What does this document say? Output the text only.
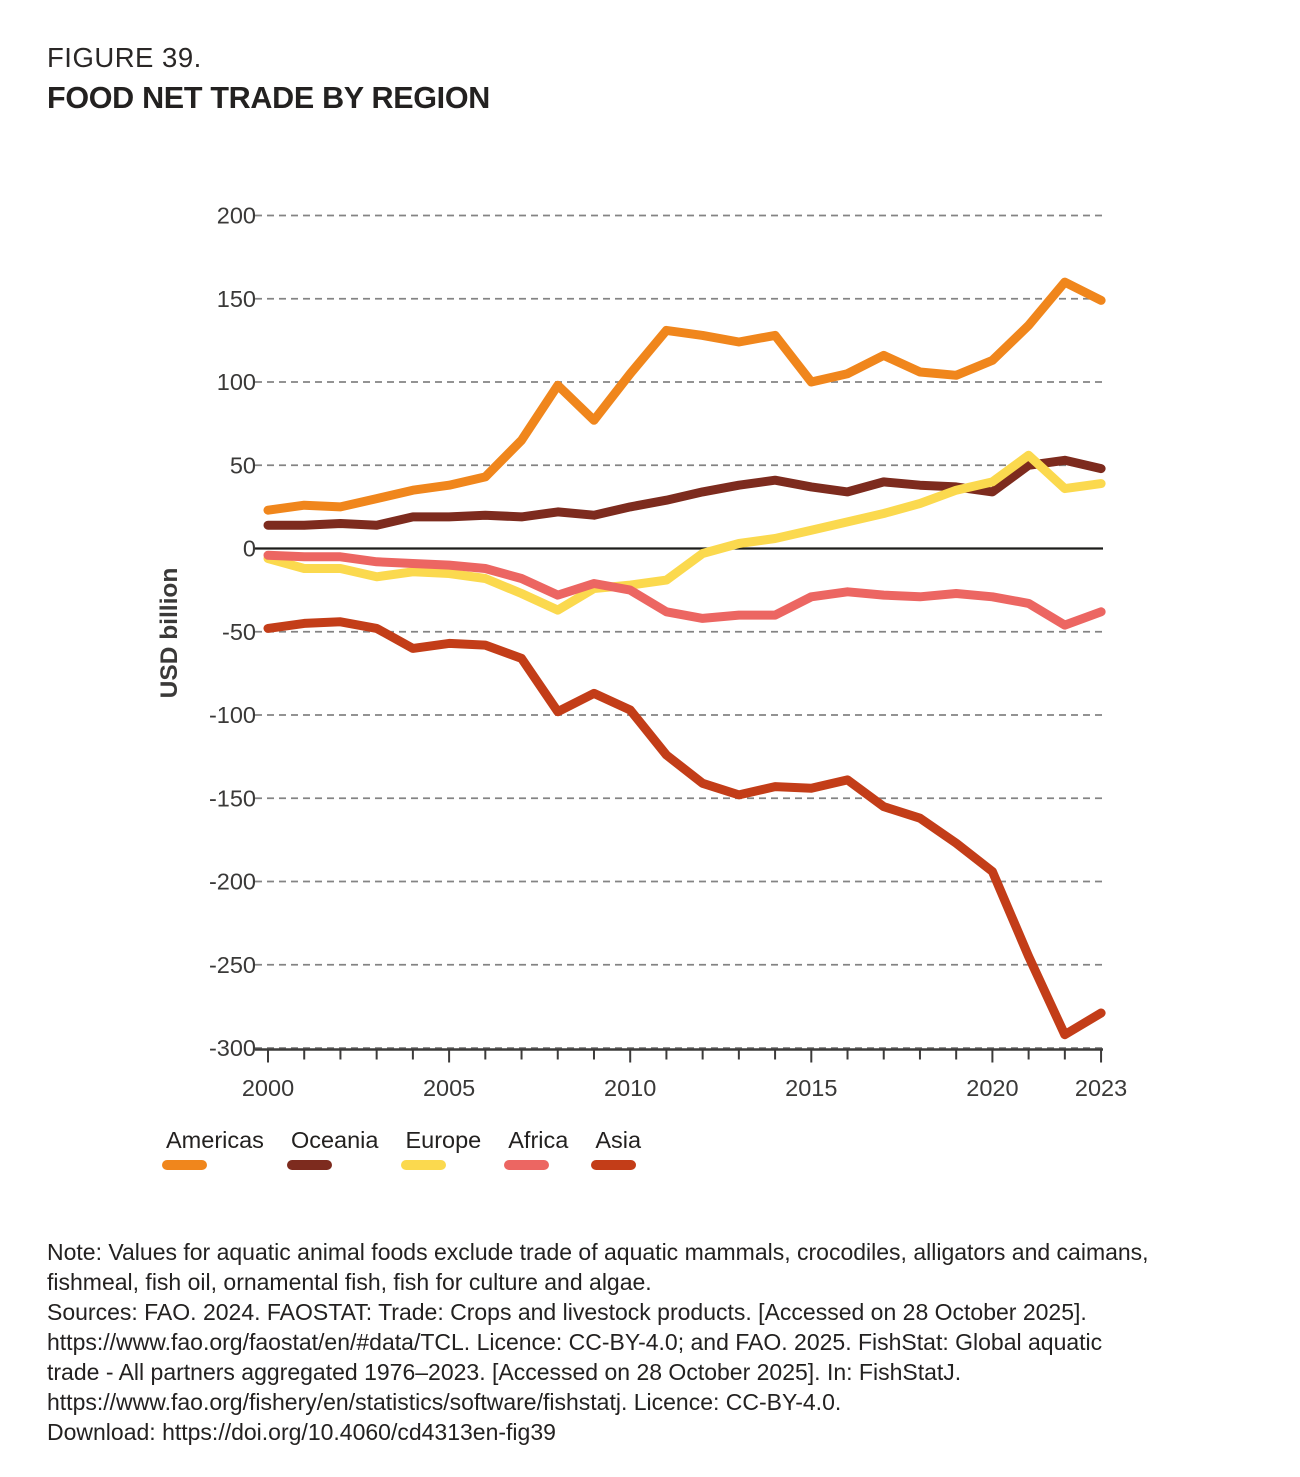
FIGURE 39.
FOOD NET TRADE BY REGION
200
150
100
50
0
-50
-100
-150
-200
-250
-300
2000	2005	2010	2015	2020 2023
USD billion
Americas Oceania Europe Africa Asia
Note: Values for aquatic animal foods exclude trade of aquatic mammals, crocodiles, alligators and caimans,
fishmeal, fish oil, ornamental fish, fish for culture and algae.
Sources: FAO. 2024. FAOSTAT: Trade: Crops and livestock products. [Accessed on 28 October 2025].
https://www.fao.org/faostat/en/#data/TCL. Licence: CC-BY-4.0; and FAO. 2025. FishStat: Global aquatic
trade - All partners aggregated 1976–2023. [Accessed on 28 October 2025]. In: FishStatJ.
https://www.fao.org/fishery/en/statistics/software/fishstatj. Licence: CC-BY-4.0.
Download: https://doi.org/10.4060/cd4313en-fig39
